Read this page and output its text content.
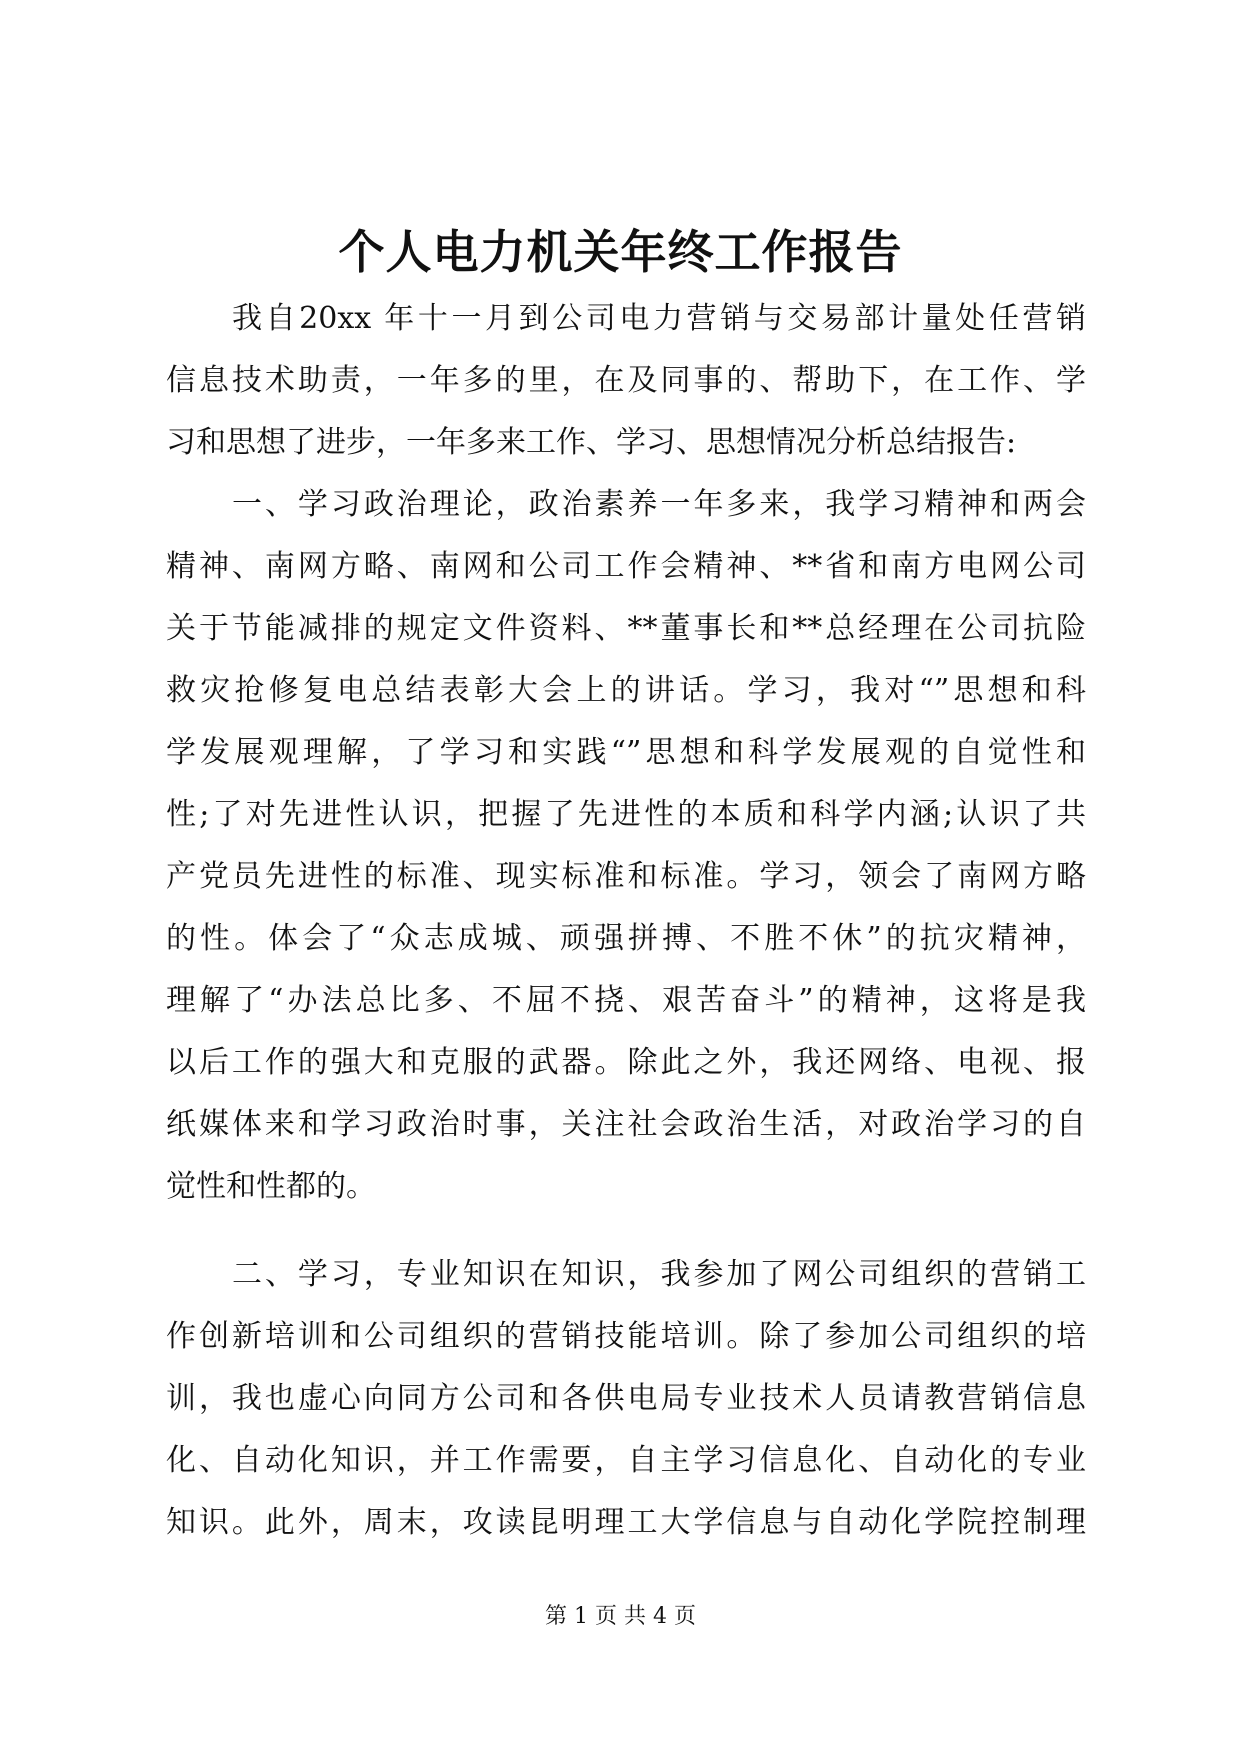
个人电力机关年终工作报告
我自20xx 年十一月到公司电力营销与交易部计量处任营销
信息技术助责，一年多的里，在及同事的、帮助下，在工作、学
习和思想了进步，一年多来工作、学习、思想情况分析总结报告:
一、学习政治理论，政治素养一年多来，我学习精神和两会
精神、南网方略、南网和公司工作会精神、**省和南方电网公司
关于节能减排的规定文件资料、**董事长和**总经理在公司抗险
救灾抢修复电总结表彰大会上的讲话。学习，我对“”思想和科
学发展观理解，了学习和实践“”思想和科学发展观的自觉性和
性;了对先进性认识，把握了先进性的本质和科学内涵;认识了共
产党员先进性的标准、现实标准和标准。学习，领会了南网方略
的性。体会了“众志成城、顽强拼搏、不胜不休”的抗灾精神，
理解了“办法总比多、不屈不挠、艰苦奋斗”的精神，这将是我
以后工作的强大和克服的武器。除此之外，我还网络、电视、报
纸媒体来和学习政治时事，关注社会政治生活，对政治学习的自
觉性和性都的。
二、学习，专业知识在知识，我参加了网公司组织的营销工
作创新培训和公司组织的营销技能培训。除了参加公司组织的培
训，我也虚心向同方公司和各供电局专业技术人员请教营销信息
化、自动化知识，并工作需要，自主学习信息化、自动化的专业
知识。此外，周末，攻读昆明理工大学信息与自动化学院控制理
第 1 页 共 4 页
